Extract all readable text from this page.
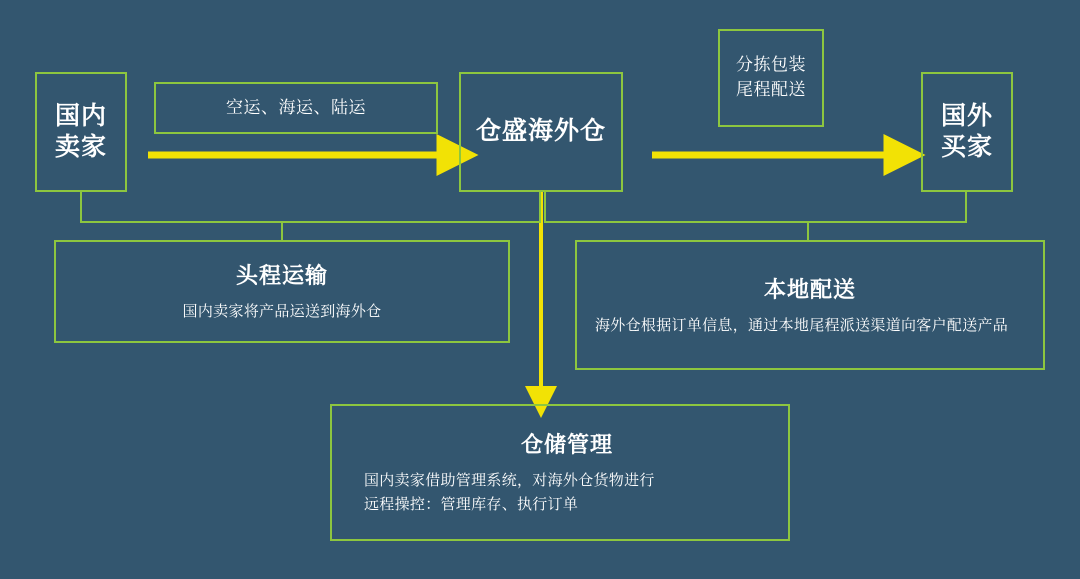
国内
卖家
仓盛海外仓
国外
买家
空运、海运、陆运
分拣包装
尾程配送
头程运输
国内卖家将产品运送到海外仓
本地配送
海外仓根据订单信息，通过本地尾程派送渠道向客户配送产品
仓储管理
国内卖家借助管理系统，对海外仓货物进行
远程操控：管理库存、执行订单
